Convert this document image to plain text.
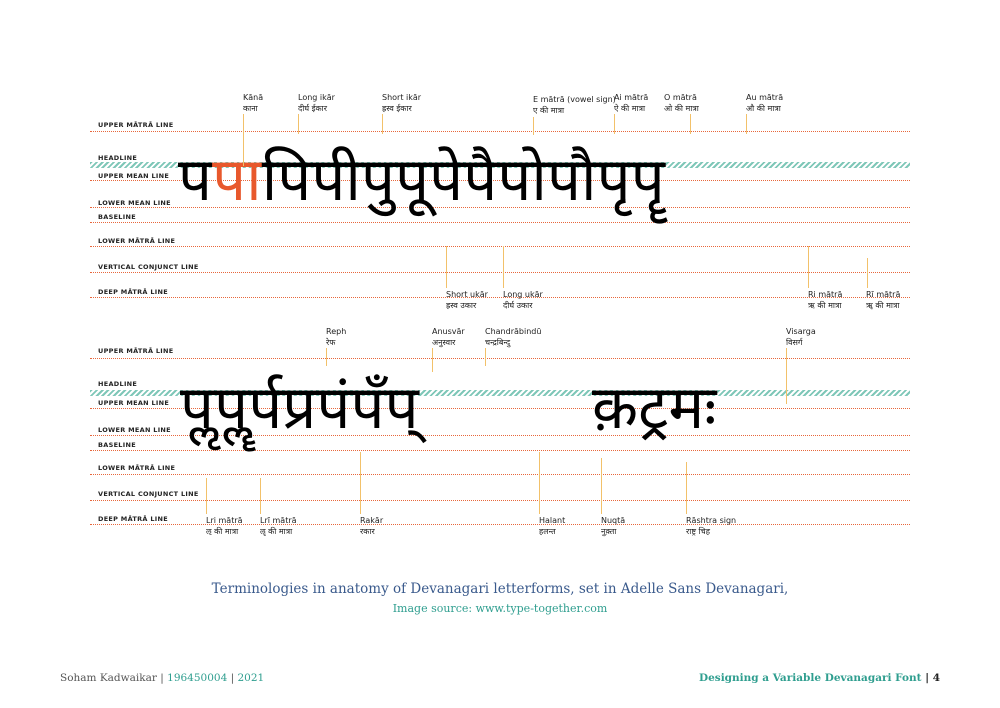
UPPER MĀTRĀ LINE
HEADLINE
UPPER MEAN LINE
LOWER MEAN LINE
BASELINE
LOWER MĀTRĀ LINE
VERTICAL CONJUNCT LINE
DEEP MĀTRĀ LINE
पपापिपीपुपूपेपैपोपौपृपॄ
Kānā
काना
Long ikār
दीर्घ ईकार
Short ikār
ह्रस्व ईकार
E mātrā (vowel sign)
ए की मात्रा
Ai mātrā
ऐ की मात्रा
O mātrā
ओ की मात्रा
Au mātrā
औ की मात्रा
Short ukār
ह्रस्व उकार
Long ukār
दीर्घ उकार
Ri mātrā
ऋ की मात्रा
Rī mātrā
ॠ की मात्रा
UPPER MĀTRĀ LINE
HEADLINE
UPPER MEAN LINE
LOWER MEAN LINE
BASELINE
LOWER MĀTRĀ LINE
VERTICAL CONJUNCT LINE
DEEP MĀTRĀ LINE
पॢपॣर्पप्रपंपँप्	क़ट्रम
Reph
रेफ
Anusvār
अनुस्वार
Chandrābindū
चन्द्रबिन्दु
Visarga
विसर्ग
Lri mātrā
ऌ की मात्रा
Lrī mātrā
ॡ की मात्रा
Rakār
रकार
Halant
हलन्त
Nuqtā
नुक़्ता
Rāshtra sign
राष्ट्र चिह
Terminologies in anatomy of Devanagari letterforms, set in Adelle Sans Devanagari,
Image source: www.type-together.com
Soham Kadwaikar | 196450004 | 2021	Designing a Variable Devanagari Font | 4
